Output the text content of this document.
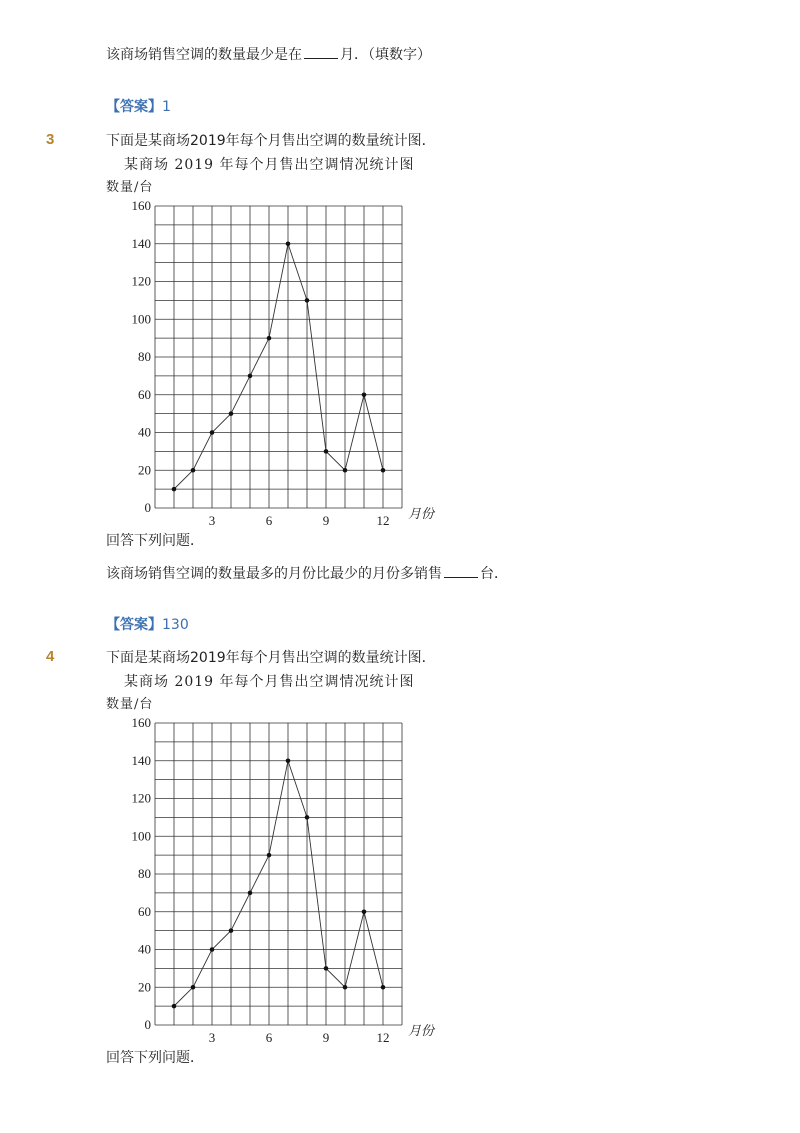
该商场销售空调的数量最少是在	月．（填数字）
【答案】1
3	下面是某商场2019年每个月售出空调的数量统计图．
某商场 2019 年每个月售出空调情况统计图
数量/台
0
20
40
60
80
100
120
140
160
3	6	9	12 月份
回答下列问题．
该商场销售空调的数量最多的月份比最少的月份多销售	台．
【答案】130
4	下面是某商场2019年每个月售出空调的数量统计图．
某商场 2019 年每个月售出空调情况统计图
数量/台
0
20
40
60
80
100
120
140
160
3	6	9	12 月份
回答下列问题．
